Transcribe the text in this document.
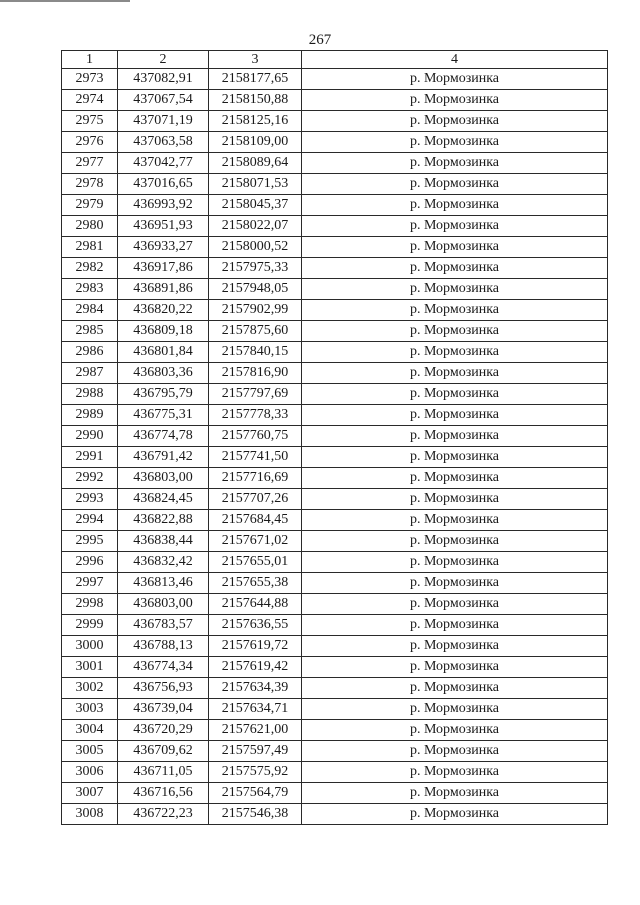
267
1	2	3	4
2973	437082,91	2158177,65	р. Мормозинка
2974	437067,54	2158150,88	р. Мормозинка
2975	437071,19	2158125,16	р. Мормозинка
2976	437063,58	2158109,00	р. Мормозинка
2977	437042,77	2158089,64	р. Мормозинка
2978	437016,65	2158071,53	р. Мормозинка
2979	436993,92	2158045,37	р. Мормозинка
2980	436951,93	2158022,07	р. Мормозинка
2981	436933,27	2158000,52	р. Мормозинка
2982	436917,86	2157975,33	р. Мормозинка
2983	436891,86	2157948,05	р. Мормозинка
2984	436820,22	2157902,99	р. Мормозинка
2985	436809,18	2157875,60	р. Мормозинка
2986	436801,84	2157840,15	р. Мормозинка
2987	436803,36	2157816,90	р. Мормозинка
2988	436795,79	2157797,69	р. Мормозинка
2989	436775,31	2157778,33	р. Мормозинка
2990	436774,78	2157760,75	р. Мормозинка
2991	436791,42	2157741,50	р. Мормозинка
2992	436803,00	2157716,69	р. Мормозинка
2993	436824,45	2157707,26	р. Мормозинка
2994	436822,88	2157684,45	р. Мормозинка
2995	436838,44	2157671,02	р. Мормозинка
2996	436832,42	2157655,01	р. Мормозинка
2997	436813,46	2157655,38	р. Мормозинка
2998	436803,00	2157644,88	р. Мормозинка
2999	436783,57	2157636,55	р. Мормозинка
3000	436788,13	2157619,72	р. Мормозинка
3001	436774,34	2157619,42	р. Мормозинка
3002	436756,93	2157634,39	р. Мормозинка
3003	436739,04	2157634,71	р. Мормозинка
3004	436720,29	2157621,00	р. Мормозинка
3005	436709,62	2157597,49	р. Мормозинка
3006	436711,05	2157575,92	р. Мормозинка
3007	436716,56	2157564,79	р. Мормозинка
3008	436722,23	2157546,38	р. Мормозинка
